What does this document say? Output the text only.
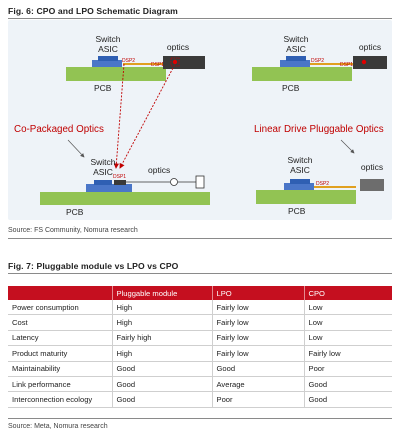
Fig. 6: CPO and LPO Schematic Diagram
Switch
ASIC	optics
DSP2
DSP1
PCB
Switch
ASIC	optics
DSP2
DSP1
PCB
Co-Packaged Optics	Linear Drive Pluggable Optics
Switch
ASIC	optics
DSP1
PCB
Switch
ASIC	optics
DSP2
PCB
Source: FS Community, Nomura research
Fig. 7: Pluggable module vs LPO vs CPO
	Pluggable module	LPO	CPO
Power consumption	High	Fairly low	Low
Cost	High	Fairly low	Low
Latency	Fairly high	Fairly low	Low
Product maturity	High	Fairly low	Fairly low
Maintainability	Good	Good	Poor
Link performance	Good	Average	Good
Interconnection ecology	Good	Poor	Good
Source: Meta, Nomura research
